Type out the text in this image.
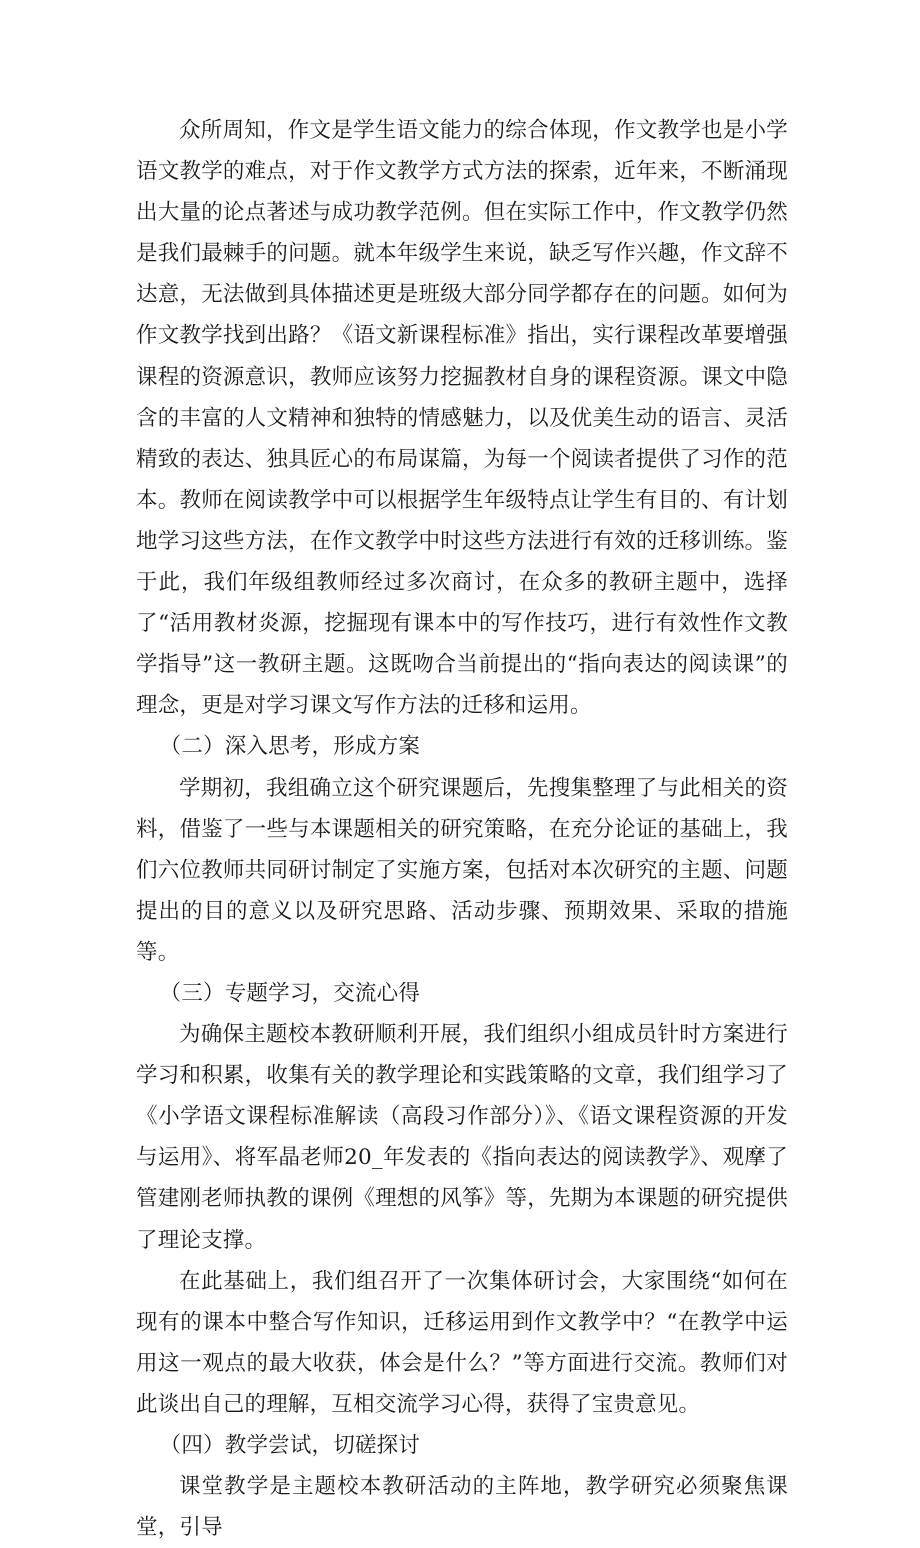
众所周知，作文是学生语文能力的综合体现，作文教学也是小学语文教学的难点，对于作文教学方式方法的探索，近年来，不断涌现出大量的论点著述与成功教学范例。但在实际工作中，作文教学仍然是我们最棘手的问题。就本年级学生来说，缺乏写作兴趣，作文辞不达意，无法做到具体描述更是班级大部分同学都存在的问题。如何为作文教学找到出路？《语文新课程标准》指出，实行课程改革要增强课程的资源意识，教师应该努力挖掘教材自身的课程资源。课文中隐含的丰富的人文精神和独特的情感魅力，以及优美生动的语言、灵活精致的表达、独具匠心的布局谋篇，为每一个阅读者提供了习作的范本。教师在阅读教学中可以根据学生年级特点让学生有目的、有计划地学习这些方法，在作文教学中时这些方法进行有效的迁移训练。鉴于此，我们年级组教师经过多次商讨，在众多的教研主题中，选择了“活用教材炎源，挖掘现有课本中的写作技巧，进行有效性作文教学指导”这一教研主题。这既吻合当前提出的“指向表达的阅读课”的理念，更是对学习课文写作方法的迁移和运用。

（二）深入思考，形成方案

学期初，我组确立这个研究课题后，先搜集整理了与此相关的资料，借鉴了一些与本课题相关的研究策略，在充分论证的基础上，我们六位教师共同研讨制定了实施方案，包括对本次研究的主题、问题提出的目的意义以及研究思路、活动步骤、预期效果、采取的措施等。

（三）专题学习，交流心得

为确保主题校本教研顺利开展，我们组织小组成员针时方案进行学习和积累，收集有关的教学理论和实践策略的文章，我们组学习了《小学语文课程标准解读（高段习作部分）》、《语文课程资源的开发与运用》、将军晶老师20_年发表的《指向表达的阅读教学》、观摩了管建刚老师执教的课例《理想的风筝》等，先期为本课题的研究提供了理论支撑。

在此基础上，我们组召开了一次集体研讨会，大家围绕“如何在现有的课本中整合写作知识，迁移运用到作文教学中？“在教学中运用这一观点的最大收获，体会是什么？”等方面进行交流。教师们对此谈出自己的理解，互相交流学习心得，获得了宝贵意见。

（四）教学尝试，切磋探讨

课堂教学是主题校本教研活动的主阵地，教学研究必须聚焦课堂，引导
